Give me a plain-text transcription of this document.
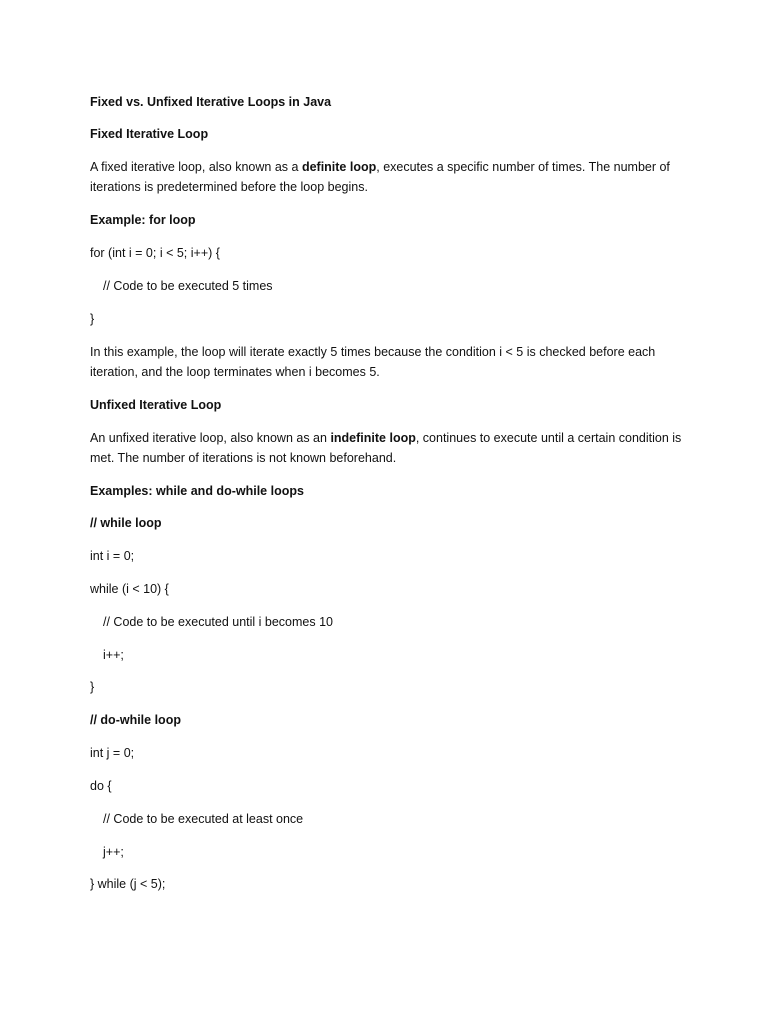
Fixed vs. Unfixed Iterative Loops in Java
Fixed Iterative Loop
A fixed iterative loop, also known as a definite loop, executes a specific number of times. The number of iterations is predetermined before the loop begins.
Example: for loop
for (int i = 0; i < 5; i++) {
// Code to be executed 5 times
}
In this example, the loop will iterate exactly 5 times because the condition i < 5 is checked before each iteration, and the loop terminates when i becomes 5.
Unfixed Iterative Loop
An unfixed iterative loop, also known as an indefinite loop, continues to execute until a certain condition is met. The number of iterations is not known beforehand.
Examples: while and do-while loops
// while loop
int i = 0;
while (i < 10) {
// Code to be executed until i becomes 10
i++;
}
// do-while loop
int j = 0;
do {
// Code to be executed at least once
j++;
} while (j < 5);
